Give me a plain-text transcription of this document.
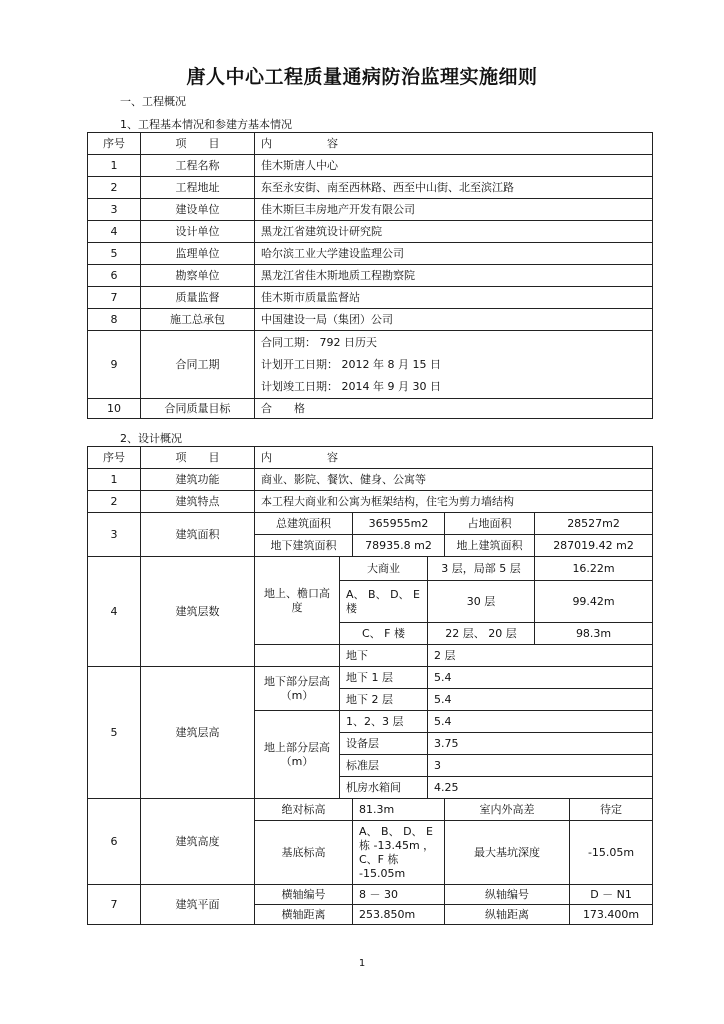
唐人中心工程质量通病防治监理实施细则
一、工程概况
1、工程基本情况和参建方基本情况
序号	项　　目	内　　　　　容
1	工程名称	佳木斯唐人中心
2	工程地址	东至永安街、南至西林路、西至中山街、北至滨江路
3	建设单位	佳木斯巨丰房地产开发有限公司
4	设计单位	黑龙江省建筑设计研究院
5	监理单位	哈尔滨工业大学建设监理公司
6	勘察单位	黑龙江省佳木斯地质工程勘察院
7	质量监督	佳木斯市质量监督站
8	施工总承包	中国建设一局（集团）公司
9	合同工期	合同工期： 792 日历天
计划开工日期： 2012 年 8 月 15 日
计划竣工日期： 2014 年 9 月 30 日

10	合同质量目标	合　　格
2、设计概况
序号	项　　目	内　　　　　容						
1	建筑功能	商业、影院、餐饮、健身、公寓等						
2	建筑特点	本工程大商业和公寓为框架结构，住宅为剪力墙结构						
3	建筑面积	总建筑面积		365955m2		占地面积	28527m2	
		地下建筑面积		78935.8 m2		地上建筑面积	287019.42 m2	
4	建筑层数	地上、檐口高度	大商业		3 层，局部 5 层		16.22m	
			A、 B、 D、 E 楼		30 层		99.42m	
			C、 F 楼		22 层、 20 层		98.3m	
			地下		2 层			
5	建筑层高	地下部分层高（m）	地下 1 层		5.4			
			地下 2 层		5.4			
		地上部分层高（m）	1、2、3 层		5.4			
			设备层		3.75			
			标准层		3			
			机房水箱间		4.25			
6	建筑高度	绝对标高		81.3m		室内外高差		待定
		基底标高		A、 B、 D、 E 栋 -13.45m ， C、F 栋 -15.05m		最大基坑深度		-15.05m
7	建筑平面	横轴编号		8 － 30		纵轴编号		D － N1
		横轴距离		253.850m		纵轴距离		173.400m
1
